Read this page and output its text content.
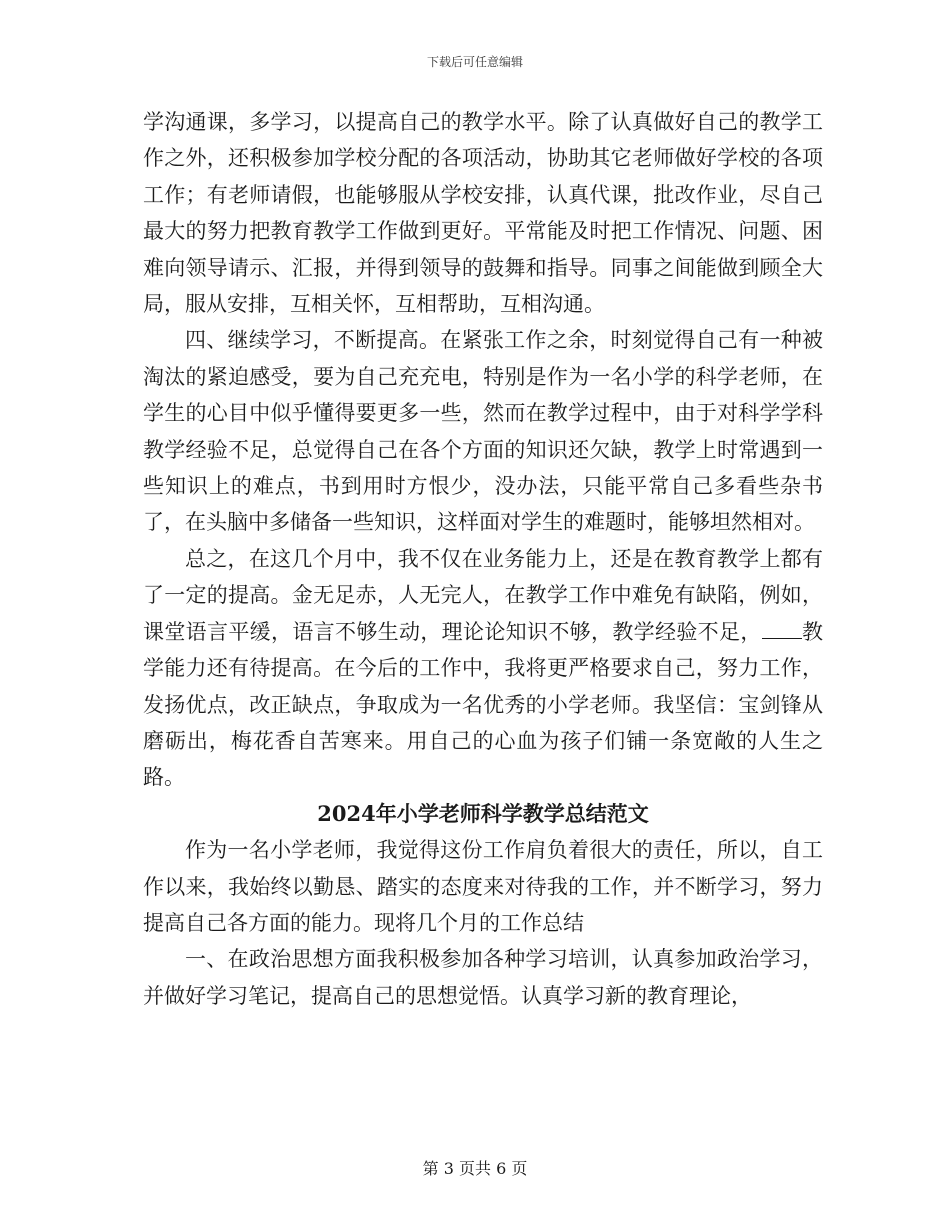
下载后可任意编辑

学沟通课，多学习，以提高自己的教学水平。除了认真做好自己的教学工作之外，还积极参加学校分配的各项活动，协助其它老师做好学校的各项工作；有老师请假，也能够服从学校安排，认真代课，批改作业，尽自己最大的努力把教育教学工作做到更好。平常能及时把工作情况、问题、困难向领导请示、汇报，并得到领导的鼓舞和指导。同事之间能做到顾全大局，服从安排，互相关怀，互相帮助，互相沟通。

四、继续学习，不断提高。在紧张工作之余，时刻觉得自己有一种被淘汰的紧迫感受，要为自己充充电，特别是作为一名小学的科学老师，在学生的心目中似乎懂得要更多一些，然而在教学过程中，由于对科学学科教学经验不足，总觉得自己在各个方面的知识还欠缺，教学上时常遇到一些知识上的难点，书到用时方恨少，没办法，只能平常自己多看些杂书了，在头脑中多储备一些知识，这样面对学生的难题时，能够坦然相对。

总之，在这几个月中，我不仅在业务能力上，还是在教育教学上都有了一定的提高。金无足赤，人无完人，在教学工作中难免有缺陷，例如，课堂语言平缓，语言不够生动，理论论知识不够，教学经验不足， 教学能力还有待提高。在今后的工作中，我将更严格要求自己，努力工作，发扬优点，改正缺点，争取成为一名优秀的小学老师。我坚信：宝剑锋从磨砺出，梅花香自苦寒来。用自己的心血为孩子们铺一条宽敞的人生之路。

2024年小学老师科学教学总结范文

作为一名小学老师，我觉得这份工作肩负着很大的责任，所以，自工作以来，我始终以勤恳、踏实的态度来对待我的工作，并不断学习，努力提高自己各方面的能力。现将几个月的工作总结

一、在政治思想方面我积极参加各种学习培训，认真参加政治学习，并做好学习笔记，提高自己的思想觉悟。认真学习新的教育理论，

第 3 页共 6 页
